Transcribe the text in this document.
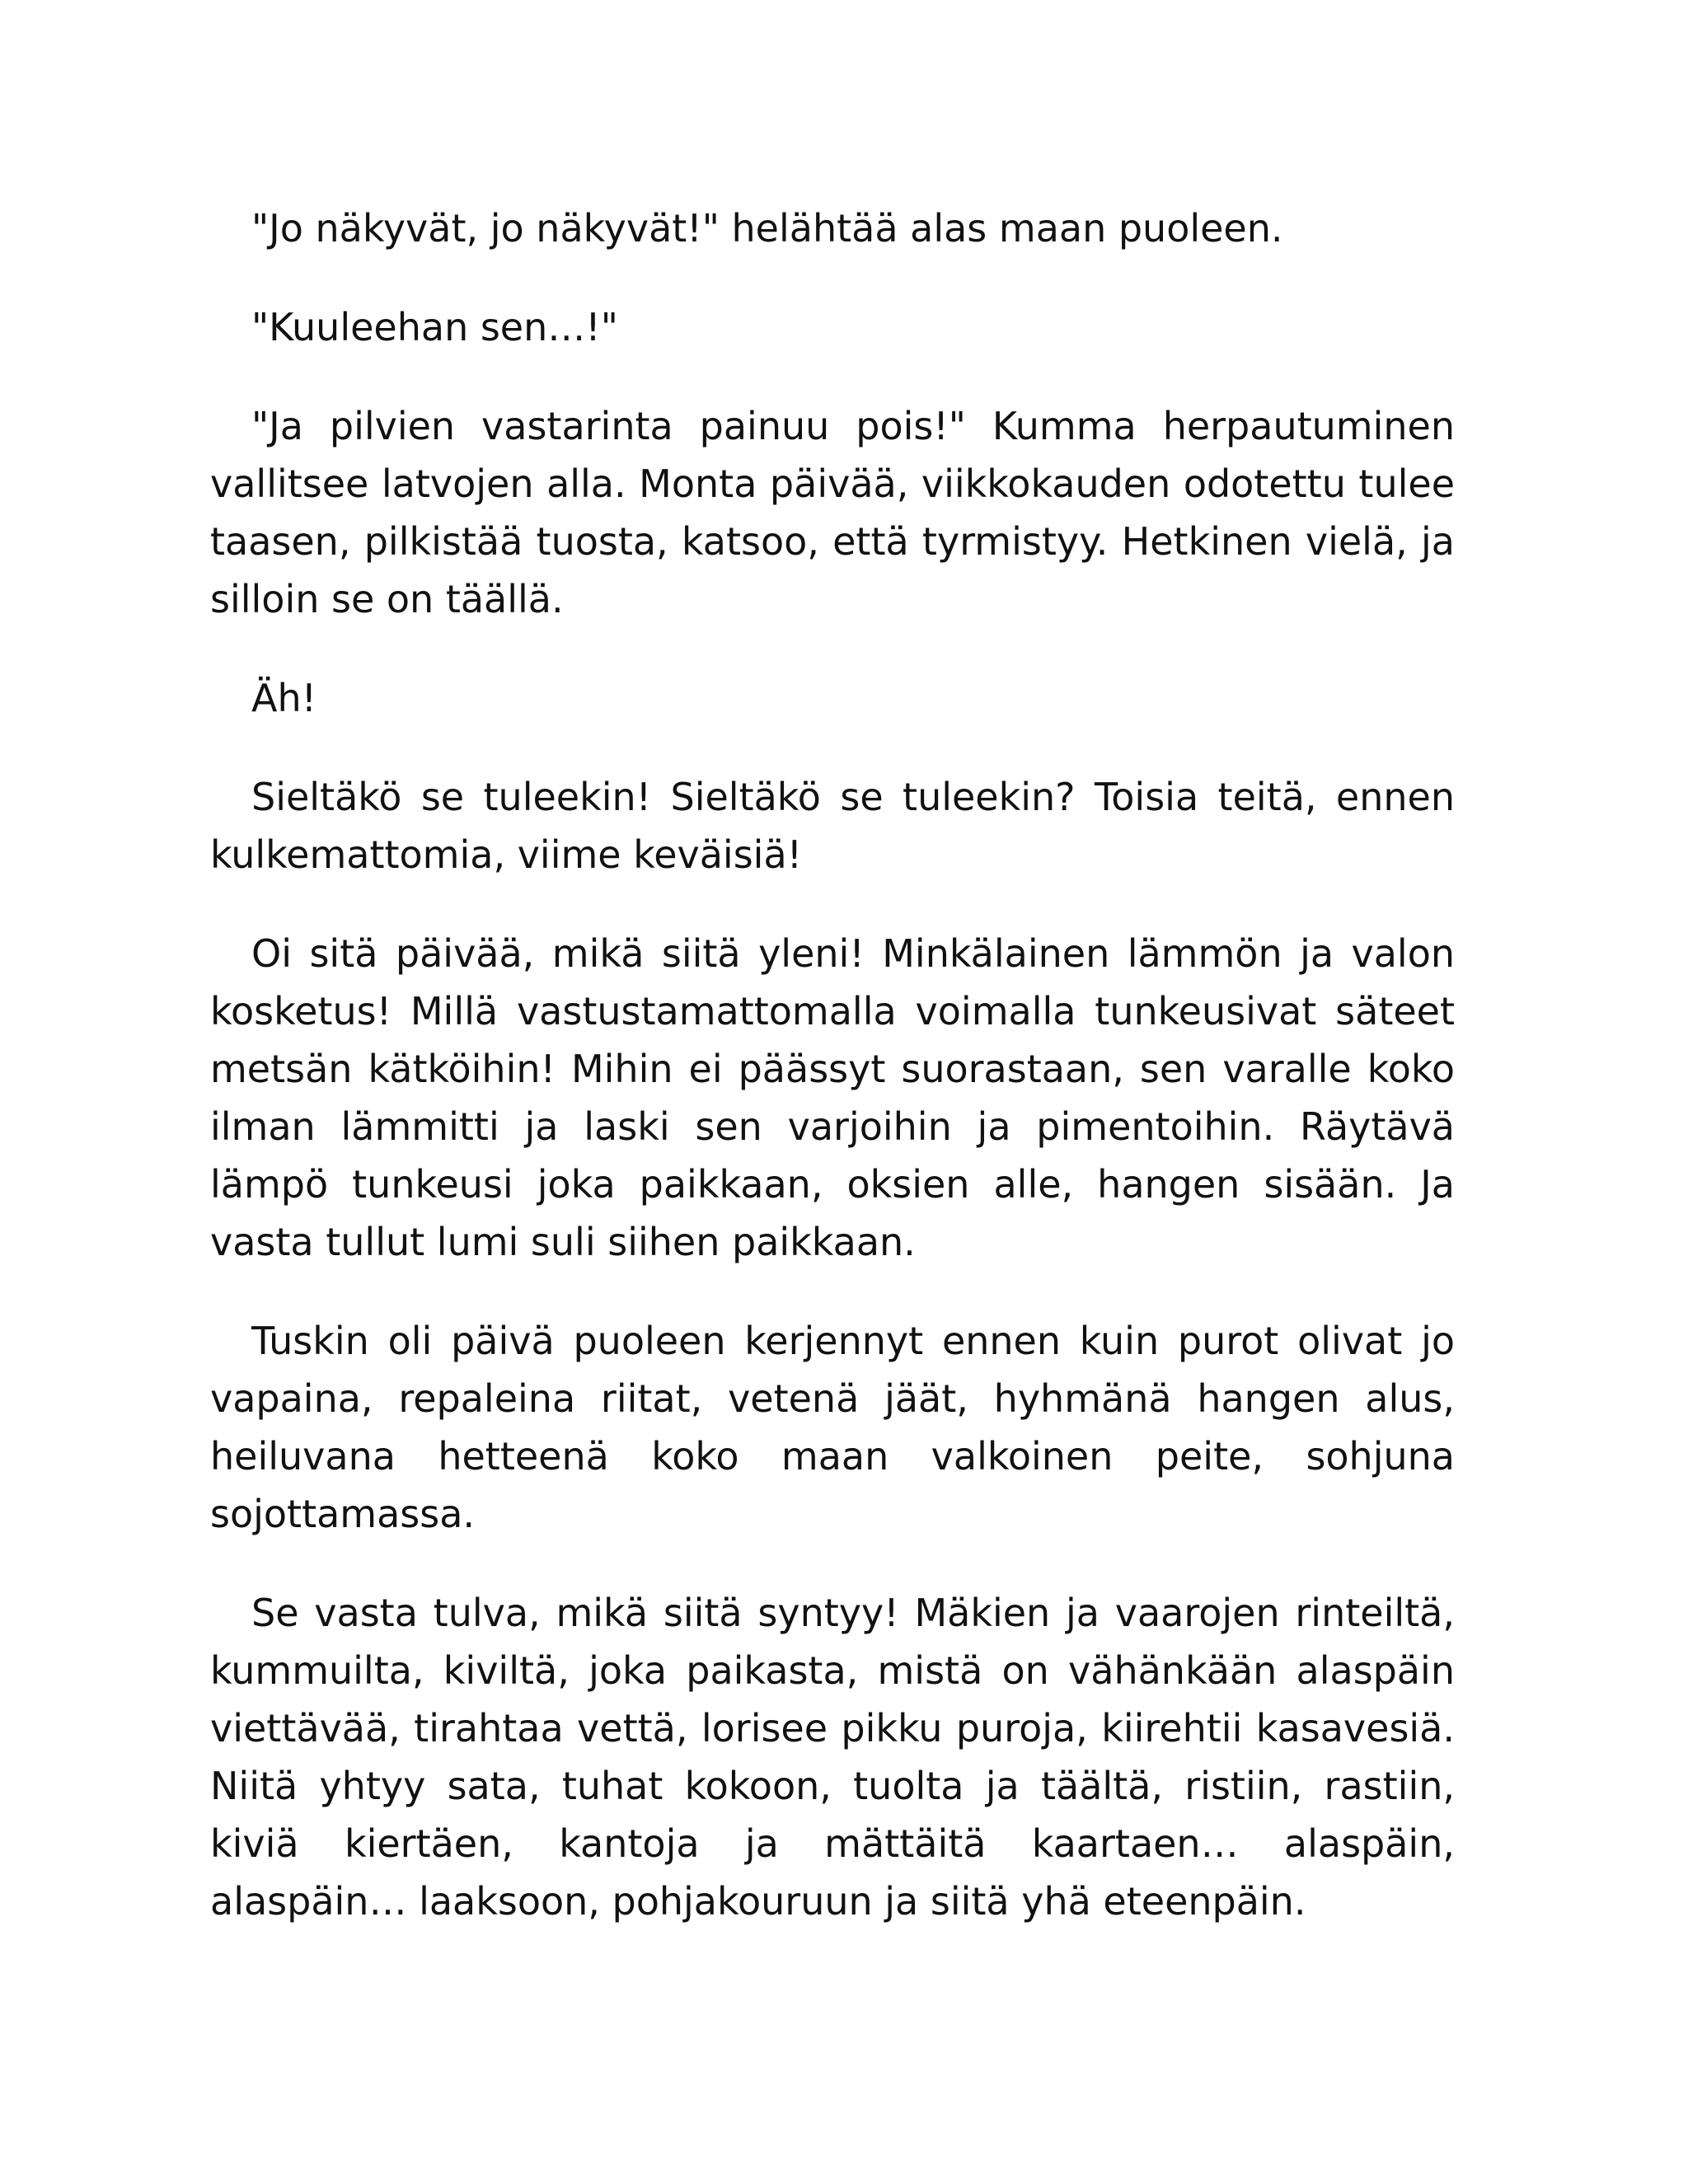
"Jo näkyvät, jo näkyvät!" helähtää alas maan puoleen.

"Kuuleehan sen…!"

"Ja pilvien vastarinta painuu pois!" Kumma herpautuminen vallitsee latvojen alla. Monta päivää, viikkokauden odotettu tulee taasen, pilkistää tuosta, katsoo, että tyrmistyy. Hetkinen vielä, ja silloin se on täällä.

Äh!

Sieltäkö se tuleekin! Sieltäkö se tuleekin? Toisia teitä, ennen kulkemattomia, viime keväisiä!

Oi sitä päivää, mikä siitä yleni! Minkälainen lämmön ja valon kosketus! Millä vastustamattomalla voimalla tunkeusivat säteet metsän kätköihin! Mihin ei päässyt suorastaan, sen varalle koko ilman lämmitti ja laski sen varjoihin ja pimentoihin. Räytävä lämpö tunkeusi joka paikkaan, oksien alle, hangen sisään. Ja vasta tullut lumi suli siihen paikkaan.

Tuskin oli päivä puoleen kerjennyt ennen kuin purot olivat jo vapaina, repaleina riitat, vetenä jäät, hyhmänä hangen alus, heiluvana hetteenä koko maan valkoinen peite, sohjuna sojottamassa.

Se vasta tulva, mikä siitä syntyy! Mäkien ja vaarojen rinteiltä, kummuilta, kiviltä, joka paikasta, mistä on vähänkään alaspäin viettävää, tirahtaa vettä, lorisee pikku puroja, kiirehtii kasavesiä. Niitä yhtyy sata, tuhat kokoon, tuolta ja täältä, ristiin, rastiin, kiviä kiertäen, kantoja ja mättäitä kaartaen… alaspäin, alaspäin… laaksoon, pohjakouruun ja siitä yhä eteenpäin.
